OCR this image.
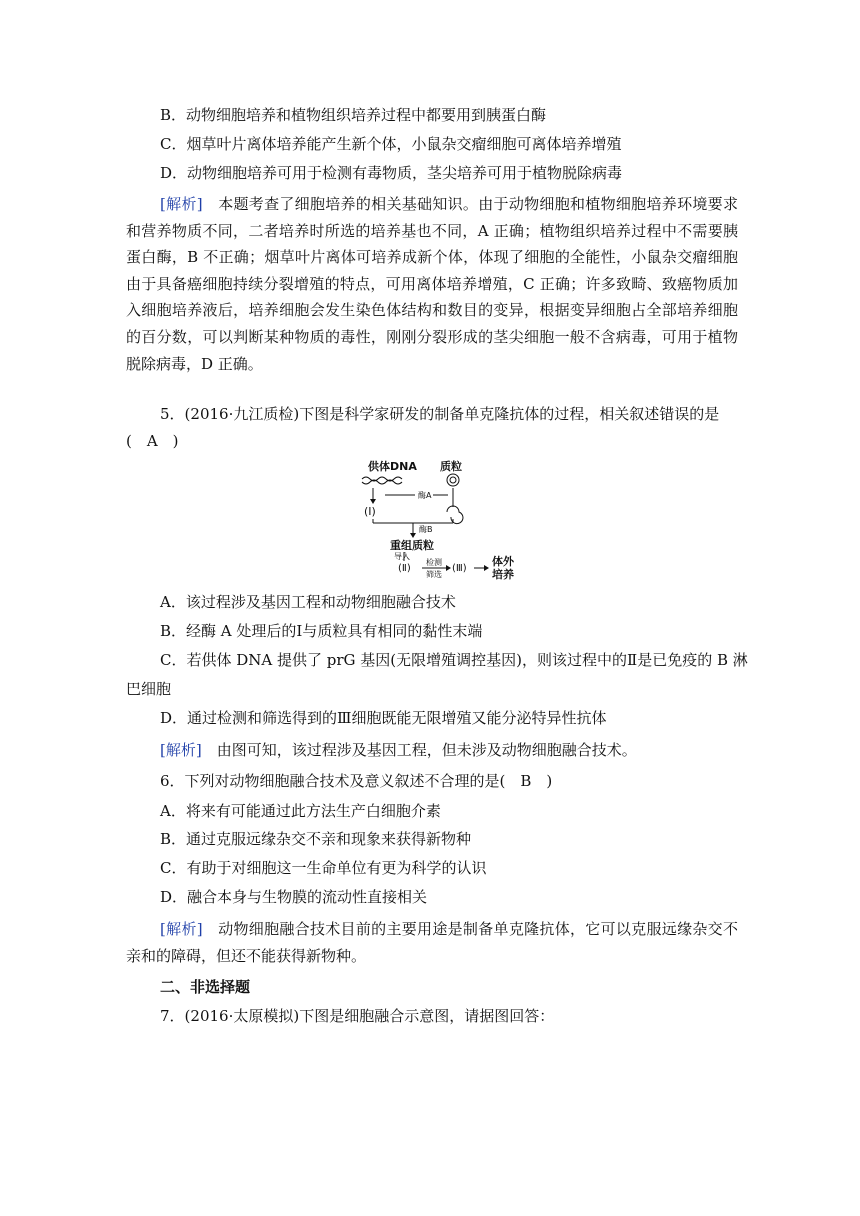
B．动物细胞培养和植物组织培养过程中都要用到胰蛋白酶
C．烟草叶片离体培养能产生新个体，小鼠杂交瘤细胞可离体培养增殖
D．动物细胞培养可用于检测有毒物质，茎尖培养可用于植物脱除病毒
[解析]　 本题考查了细胞培养的相关基础知识。由于动物细胞和植物细胞培养环境要求和营养物质不同，二者培养时所选的培养基也不同，A 正确；植物组织培养过程中不需要胰蛋白酶，B 不正确；烟草叶片离体可培养成新个体，体现了细胞的全能性，小鼠杂交瘤细胞由于具备癌细胞持续分裂增殖的特点，可用离体培养增殖，C 正确；许多致畸、致癌物质加入细胞培养液后，培养细胞会发生染色体结构和数目的变异，根据变异细胞占全部培养细胞的百分数，可以判断某种物质的毒性，刚刚分裂形成的茎尖细胞一般不含病毒，可用于植物脱除病毒，D 正确。
5．(2016·九江质检)下图是科学家研发的制备单克隆抗体的过程，相关叙述错误的是
(　A　)
供体DNA 质粒
酶A
(Ⅰ)
酶B
重组质粒
导入
(Ⅱ)
检测
筛选
(Ⅲ)
体外
培养
A．该过程涉及基因工程和动物细胞融合技术
B．经酶 A 处理后的Ⅰ与质粒具有相同的黏性末端
C．若供体 DNA 提供了 prG 基因(无限增殖调控基因)，则该过程中的Ⅱ是已免疫的 B 淋
巴细胞
D．通过检测和筛选得到的Ⅲ细胞既能无限增殖又能分泌特异性抗体
[解析]　 由图可知，该过程涉及基因工程，但未涉及动物细胞融合技术。
6．下列对动物细胞融合技术及意义叙述不合理的是(　B　)
A．将来有可能通过此方法生产白细胞介素
B．通过克服远缘杂交不亲和现象来获得新物种
C．有助于对细胞这一生命单位有更为科学的认识
D．融合本身与生物膜的流动性直接相关
[解析]　 动物细胞融合技术目前的主要用途是制备单克隆抗体，它可以克服远缘杂交不亲和的障碍，但还不能获得新物种。
二、非选择题
7．(2016·太原模拟)下图是细胞融合示意图，请据图回答：
